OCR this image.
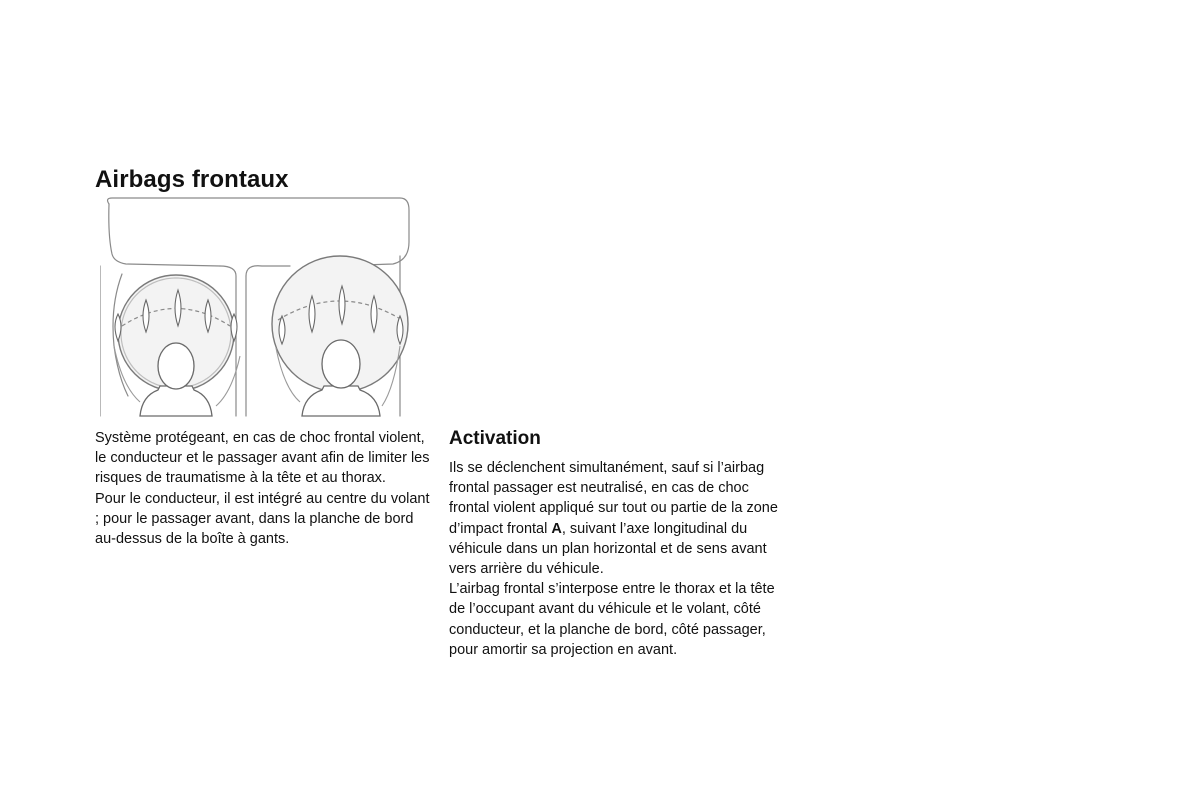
Airbags frontaux

Système protégeant, en cas de choc frontal violent, le conducteur et le passager avant afin de limiter les risques de traumatisme à la tête et au thorax.

Pour le conducteur, il est intégré au centre du volant ; pour le passager avant, dans la planche de bord au-dessus de la boîte à gants.

Activation

Ils se déclenchent simultanément, sauf si l’airbag frontal passager est neutralisé, en cas de choc frontal violent appliqué sur tout ou partie de la zone d’impact frontal A, suivant l’axe longitudinal du véhicule dans un plan horizontal et de sens avant vers arrière du véhicule.

L’airbag frontal s’interpose entre le thorax et la tête de l’occupant avant du véhicule et le volant, côté conducteur, et la planche de bord, côté passager, pour amortir sa projection en avant.
